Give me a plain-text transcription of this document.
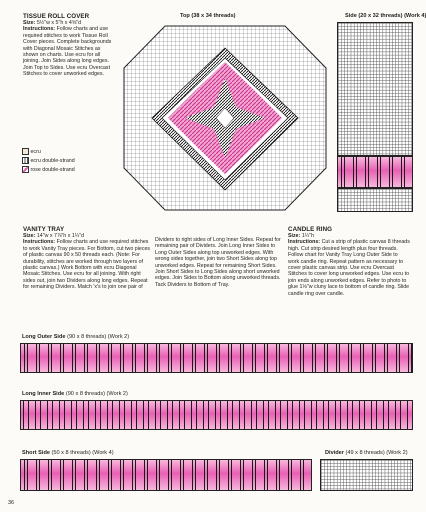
TISSUE ROLL COVER
Size: 5½"w x 5"h x 4⅝"d
Instructions: Follow charts and use required stitches to work Tissue Roll Cover pieces. Complete backgrounds with Diagonal Mosaic Stitches as shown on charts. Use ecru for all joining. Join Sides along long edges. Join Top to Sides. Use ecru Overcast Stitches to cover unworked edges.
ecru
ecru double-strand
rose double-strand
Top (38 x 34 threads)	Side (20 x 32 threads) (Work 4)
VANITY TRAY
Size: 14"w x 7⅞"h x 1¼"d
Instructions: Follow charts and use required stitches to work Vanity Tray pieces. For Bottom, cut two pieces of plastic canvas 90 x 50 threads each. (Note: For durability, stitches are worked through two layers of plastic canvas.) Work Bottom with ecru Diagonal Mosaic Stitches. Use ecru for all joining. With right sides out, join two Dividers along long edges. Repeat for remaining Dividers. Match 'x's to join one pair of
Dividers to right sides of Long Inner Sides. Repeat for remaining pair of Dividers. Join Long Inner Sides to Long Outer Sides along top unworked edges. With wrong sides together, join two Short Sides along top unworked edges. Repeat for remaining Short Sides. Join Short Sides to Long Sides along short unworked edges. Join Sides to Bottom along unworked threads. Tack Dividers to Bottom of Tray.
CANDLE RING
Size: 1¼"h
Instructions: Cut a strip of plastic canvas 8 threads high. Cut strip desired length plus four threads. Follow chart for Vanity Tray Long Outer Side to work candle ring. Repeat pattern as necessary to cover plastic canvas strip. Use ecru Overcast Stitches to cover long unworked edges. Use ecru to join ends along unworked edges. Refer to photo to glue 1⅛"w cluny lace to bottom of candle ring. Slide candle ring over candle.
Long Outer Side (90 x 8 threads) (Work 2)
Long Inner Side (90 x 8 threads) (Work 2)
Short Side (50 x 8 threads) (Work 4)	Divider (49 x 8 threads) (Work 2)
36
